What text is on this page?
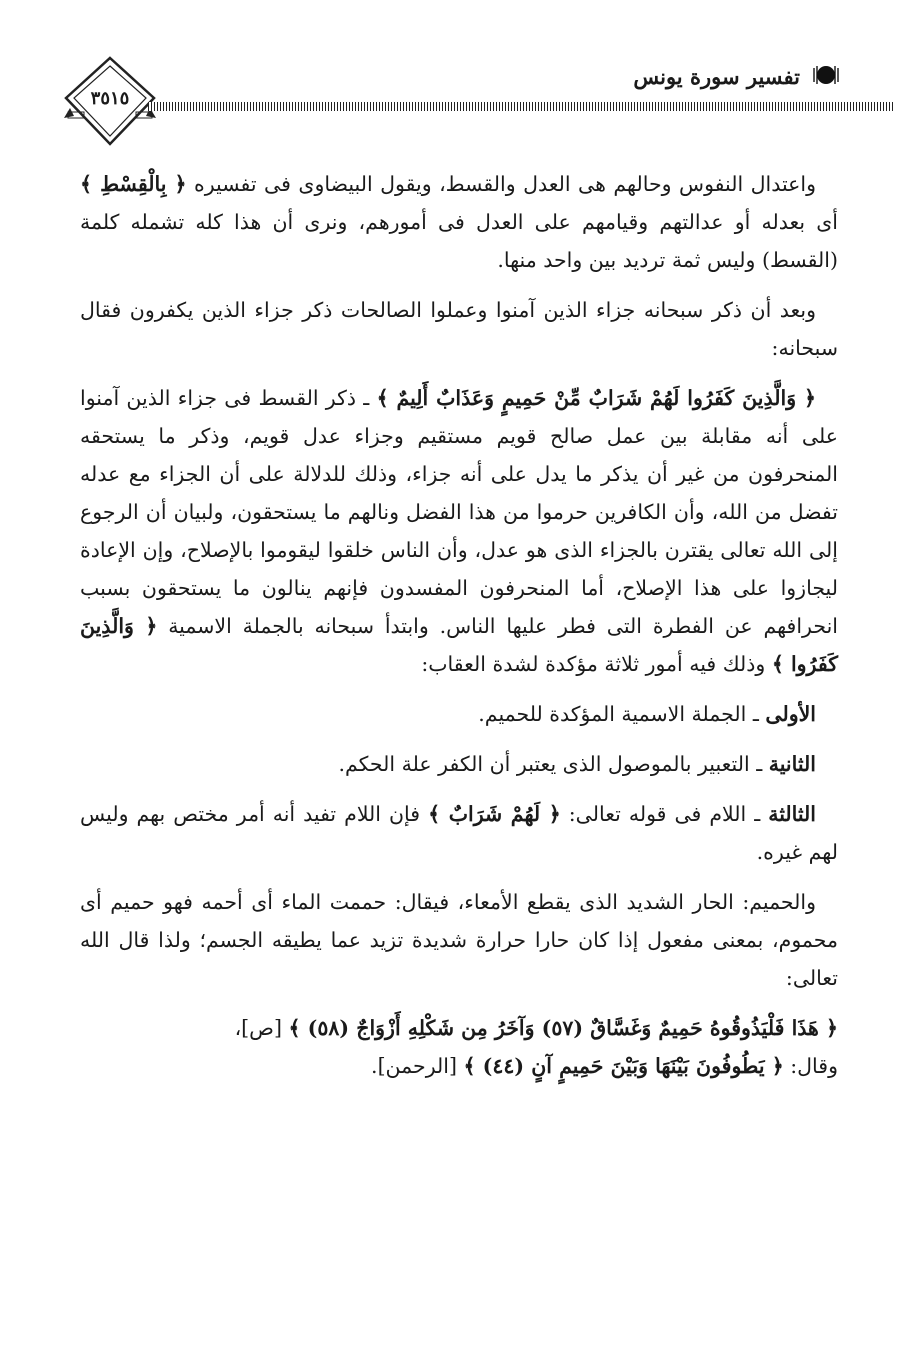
٣٥١٥
تفسير سورة يونس

واعتدال النفوس وحالهم هى العدل والقسط، ويقول البيضاوى فى تفسيره ﴿ بِالْقِسْطِ ﴾ أى بعدله أو عدالتهم وقيامهم على العدل فى أمورهم، ونرى أن هذا كله تشمله كلمة (القسط) وليس ثمة ترديد بين واحد منها.

وبعد أن ذكر سبحانه جزاء الذين آمنوا وعملوا الصالحات ذكر جزاء الذين يكفرون فقال سبحانه:

﴿ وَالَّذِينَ كَفَرُوا لَهُمْ شَرَابٌ مِّنْ حَمِيمٍ وَعَذَابٌ أَلِيمٌ ﴾ ـ ذكر القسط فى جزاء الذين آمنوا على أنه مقابلة بين عمل صالح قويم مستقيم وجزاء عدل قويم، وذكر ما يستحقه المنحرفون من غير أن يذكر ما يدل على أنه جزاء، وذلك للدلالة على أن الجزاء مع عدله تفضل من الله، وأن الكافرين حرموا من هذا الفضل ونالهم ما يستحقون، ولبيان أن الرجوع إلى الله تعالى يقترن بالجزاء الذى هو عدل، وأن الناس خلقوا ليقوموا بالإصلاح، وإن الإعادة ليجازوا على هذا الإصلاح، أما المنحرفون المفسدون فإنهم ينالون ما يستحقون بسبب انحرافهم عن الفطرة التى فطر عليها الناس. وابتدأ سبحانه بالجملة الاسمية ﴿ وَالَّذِينَ كَفَرُوا ﴾ وذلك فيه أمور ثلاثة مؤكدة لشدة العقاب:

الأولى ـ الجملة الاسمية المؤكدة للحميم.

الثانية ـ التعبير بالموصول الذى يعتبر أن الكفر علة الحكم.

الثالثة ـ اللام فى قوله تعالى: ﴿ لَهُمْ شَرَابٌ ﴾ فإن اللام تفيد أنه أمر مختص بهم وليس لهم غيره.

والحميم: الحار الشديد الذى يقطع الأمعاء، فيقال: حممت الماء أى أحمه فهو حميم أى محموم، بمعنى مفعول إذا كان حارا حرارة شديدة تزيد عما يطيقه الجسم؛ ولذا قال الله تعالى:

﴿ هَذَا فَلْيَذُوقُوهُ حَمِيمٌ وَغَسَّاقٌ (٥٧) وَآخَرُ مِن شَكْلِهِ أَزْوَاجٌ (٥٨) ﴾ [ص]،
وقال: ﴿ يَطُوفُونَ بَيْنَهَا وَبَيْنَ حَمِيمٍ آنٍ (٤٤) ﴾ [الرحمن].
